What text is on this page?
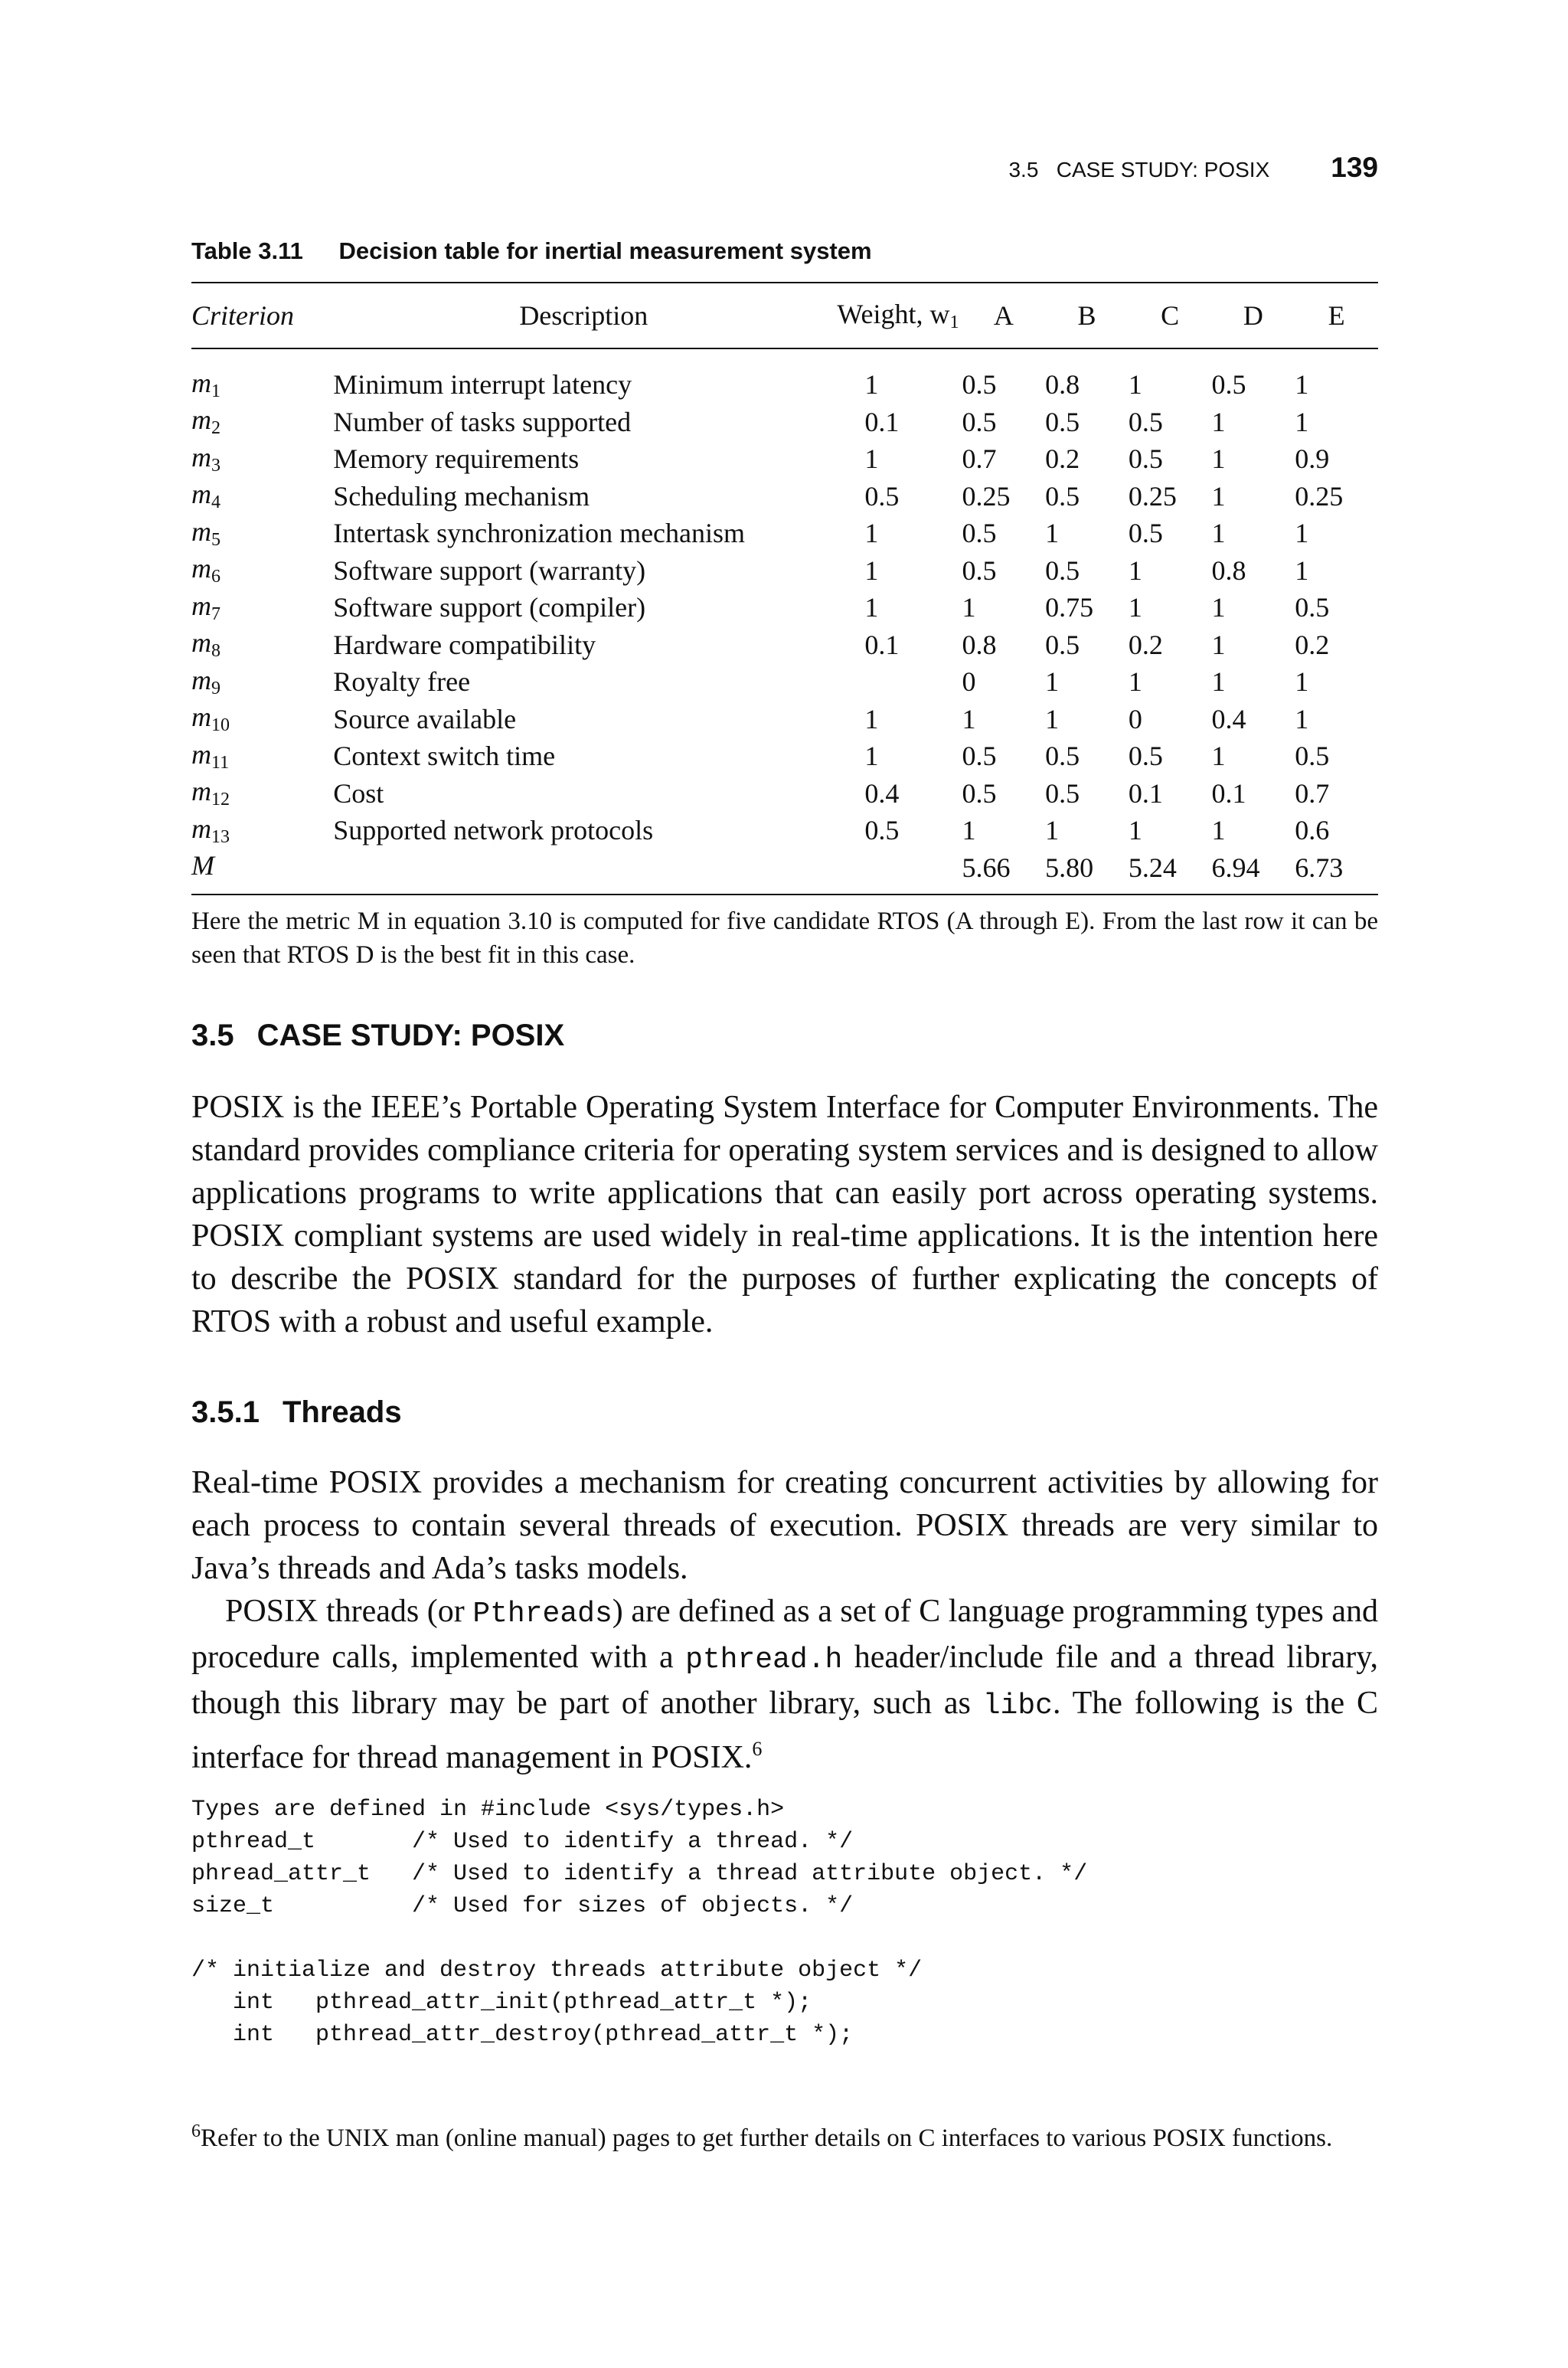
3.5   CASE STUDY: POSIX 139
Table 3.11 Decision table for inertial measurement system
Criterion	Description	Weight, $w_1$	A	B	C	D	E
$m_1$	Minimum interrupt latency	1	0.5	0.8	1	0.5	1
$m_2$	Number of tasks supported	0.1	0.5	0.5	0.5	1	1
$m_3$	Memory requirements	1	0.7	0.2	0.5	1	0.9
$m_4$	Scheduling mechanism	0.5	0.25	0.5	0.25	1	0.25
$m_5$	Intertask synchronization mechanism	1	0.5	1	0.5	1	1
$m_6$	Software support (warranty)	1	0.5	0.5	1	0.8	1
$m_7$	Software support (compiler)	1	1	0.75	1	1	0.5
$m_8$	Hardware compatibility	0.1	0.8	0.5	0.2	1	0.2
$m_9$	Royalty free		0	1	1	1	1
$m_{10}$	Source available	1	1	1	0	0.4	1
$m_{11}$	Context switch time	1	0.5	0.5	0.5	1	0.5
$m_{12}$	Cost	0.4	0.5	0.5	0.1	0.1	0.7
$m_{13}$	Supported network protocols	0.5	1	1	1	1	0.6
M			5.66	5.80	5.24	6.94	6.73

Here the metric M in equation 3.10 is computed for five candidate RTOS (A through E). From the last row it can be seen that RTOS D is the best fit in this case.

3.5 CASE STUDY: POSIX

POSIX is the IEEE’s Portable Operating System Interface for Computer Environments. The standard provides compliance criteria for operating system services and is designed to allow applications programs to write applications that can easily port across operating systems. POSIX compliant systems are used widely in real-time applications. It is the intention here to describe the POSIX standard for the purposes of further explicating the concepts of RTOS with a robust and useful example.

3.5.1 Threads

Real-time POSIX provides a mechanism for creating concurrent activities by allowing for each process to contain several threads of execution. POSIX threads are very similar to Java’s threads and Ada’s tasks models.

POSIX threads (or Pthreads) are defined as a set of C language programming types and procedure calls, implemented with a pthread.h header/include file and a thread library, though this library may be part of another library, such as libc. The following is the C interface for thread management in POSIX.$^6$

Types are defined in #include <sys/types.h>
pthread_t       /* Used to identify a thread. */
phread_attr_t   /* Used to identify a thread attribute object. */
size_t          /* Used for sizes of objects. */
/* initialize and destroy threads attribute object */
int   pthread_attr_init(pthread_attr_t *);
int   pthread_attr_destroy(pthread_attr_t *);

$^6$Refer to the UNIX man (online manual) pages to get further details on C interfaces to various POSIX functions.
